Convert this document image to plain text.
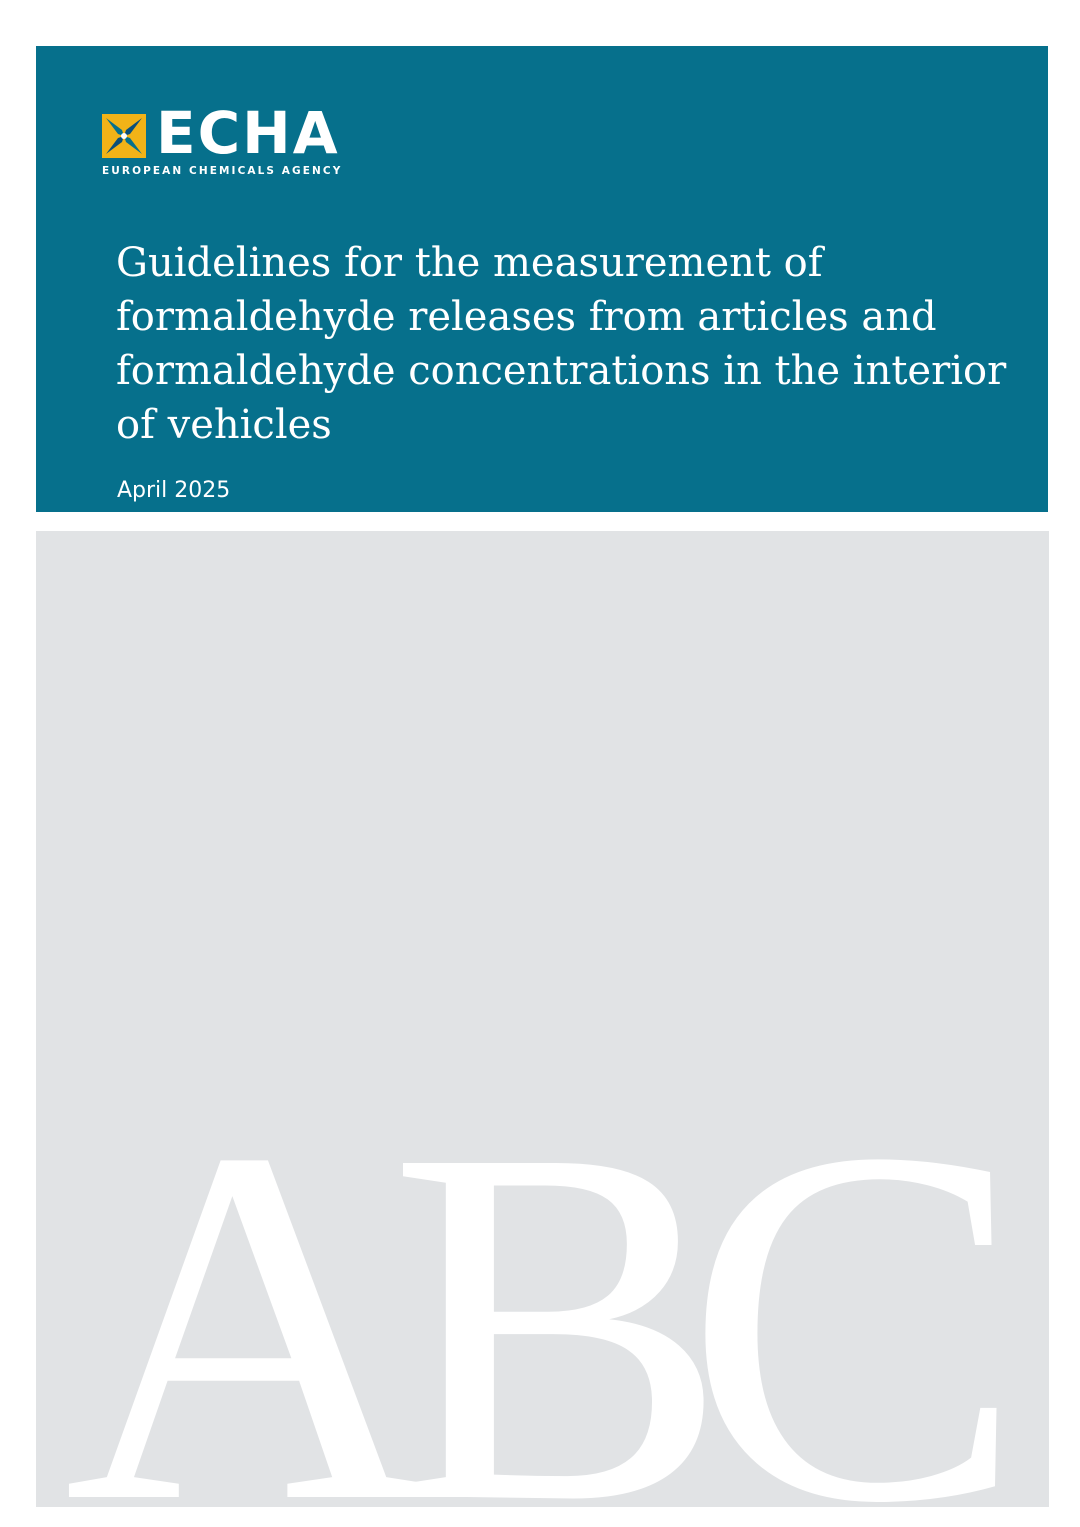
ECHA
EUROPEAN CHEMICALS AGENCY
Guidelines for the measurement of formaldehyde releases from articles and formaldehyde concentrations in the interior of vehicles
April 2025
ABC
